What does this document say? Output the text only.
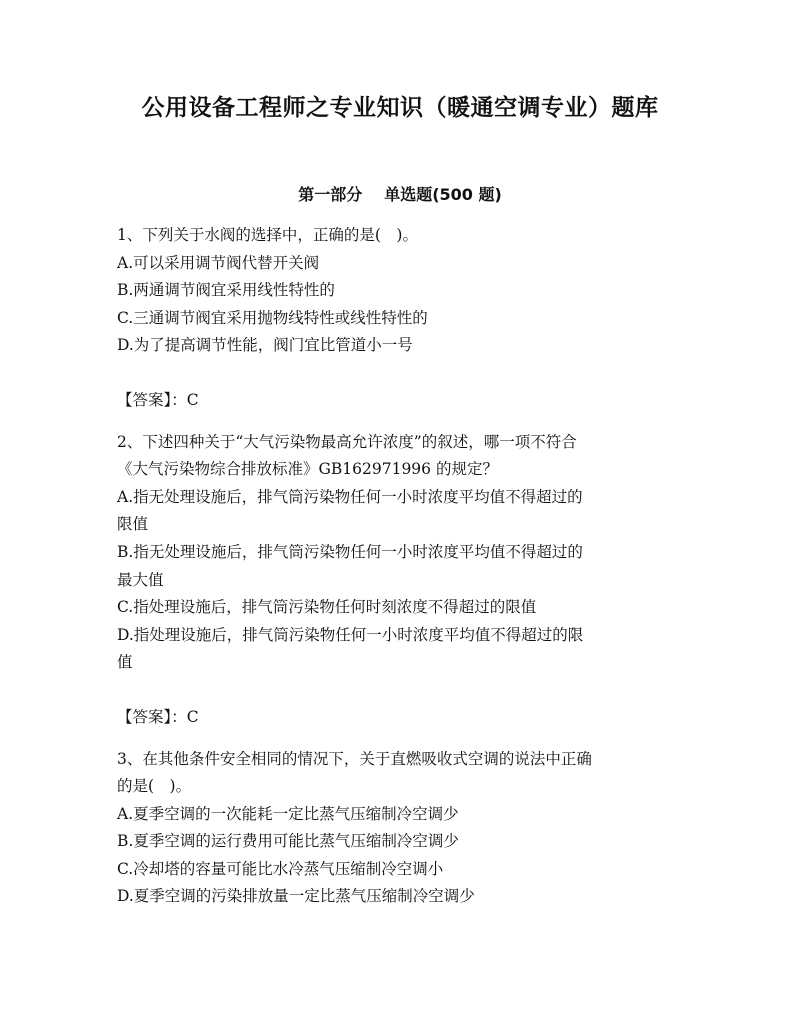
公用设备工程师之专业知识（暖通空调专业）题库
第一部分 单选题(500 题)

1、下列关于水阀的选择中，正确的是(　)。

A.可以采用调节阀代替开关阀

B.两通调节阀宜采用线性特性的

C.三通调节阀宜采用抛物线特性或线性特性的

D.为了提高调节性能，阀门宜比管道小一号

【答案】：C

2、下述四种关于“大气污染物最高允许浓度”的叙述，哪一项不符合

《大气污染物综合排放标准》GB162971996 的规定？

A.指无处理设施后，排气筒污染物任何一小时浓度平均值不得超过的

限值

B.指无处理设施后，排气筒污染物任何一小时浓度平均值不得超过的

最大值

C.指处理设施后，排气筒污染物任何时刻浓度不得超过的限值

D.指处理设施后，排气筒污染物任何一小时浓度平均值不得超过的限

值

【答案】：C

3、在其他条件安全相同的情况下，关于直燃吸收式空调的说法中正确

的是(　)。

A.夏季空调的一次能耗一定比蒸气压缩制冷空调少

B.夏季空调的运行费用可能比蒸气压缩制冷空调少

C.冷却塔的容量可能比水冷蒸气压缩制冷空调小

D.夏季空调的污染排放量一定比蒸气压缩制冷空调少
